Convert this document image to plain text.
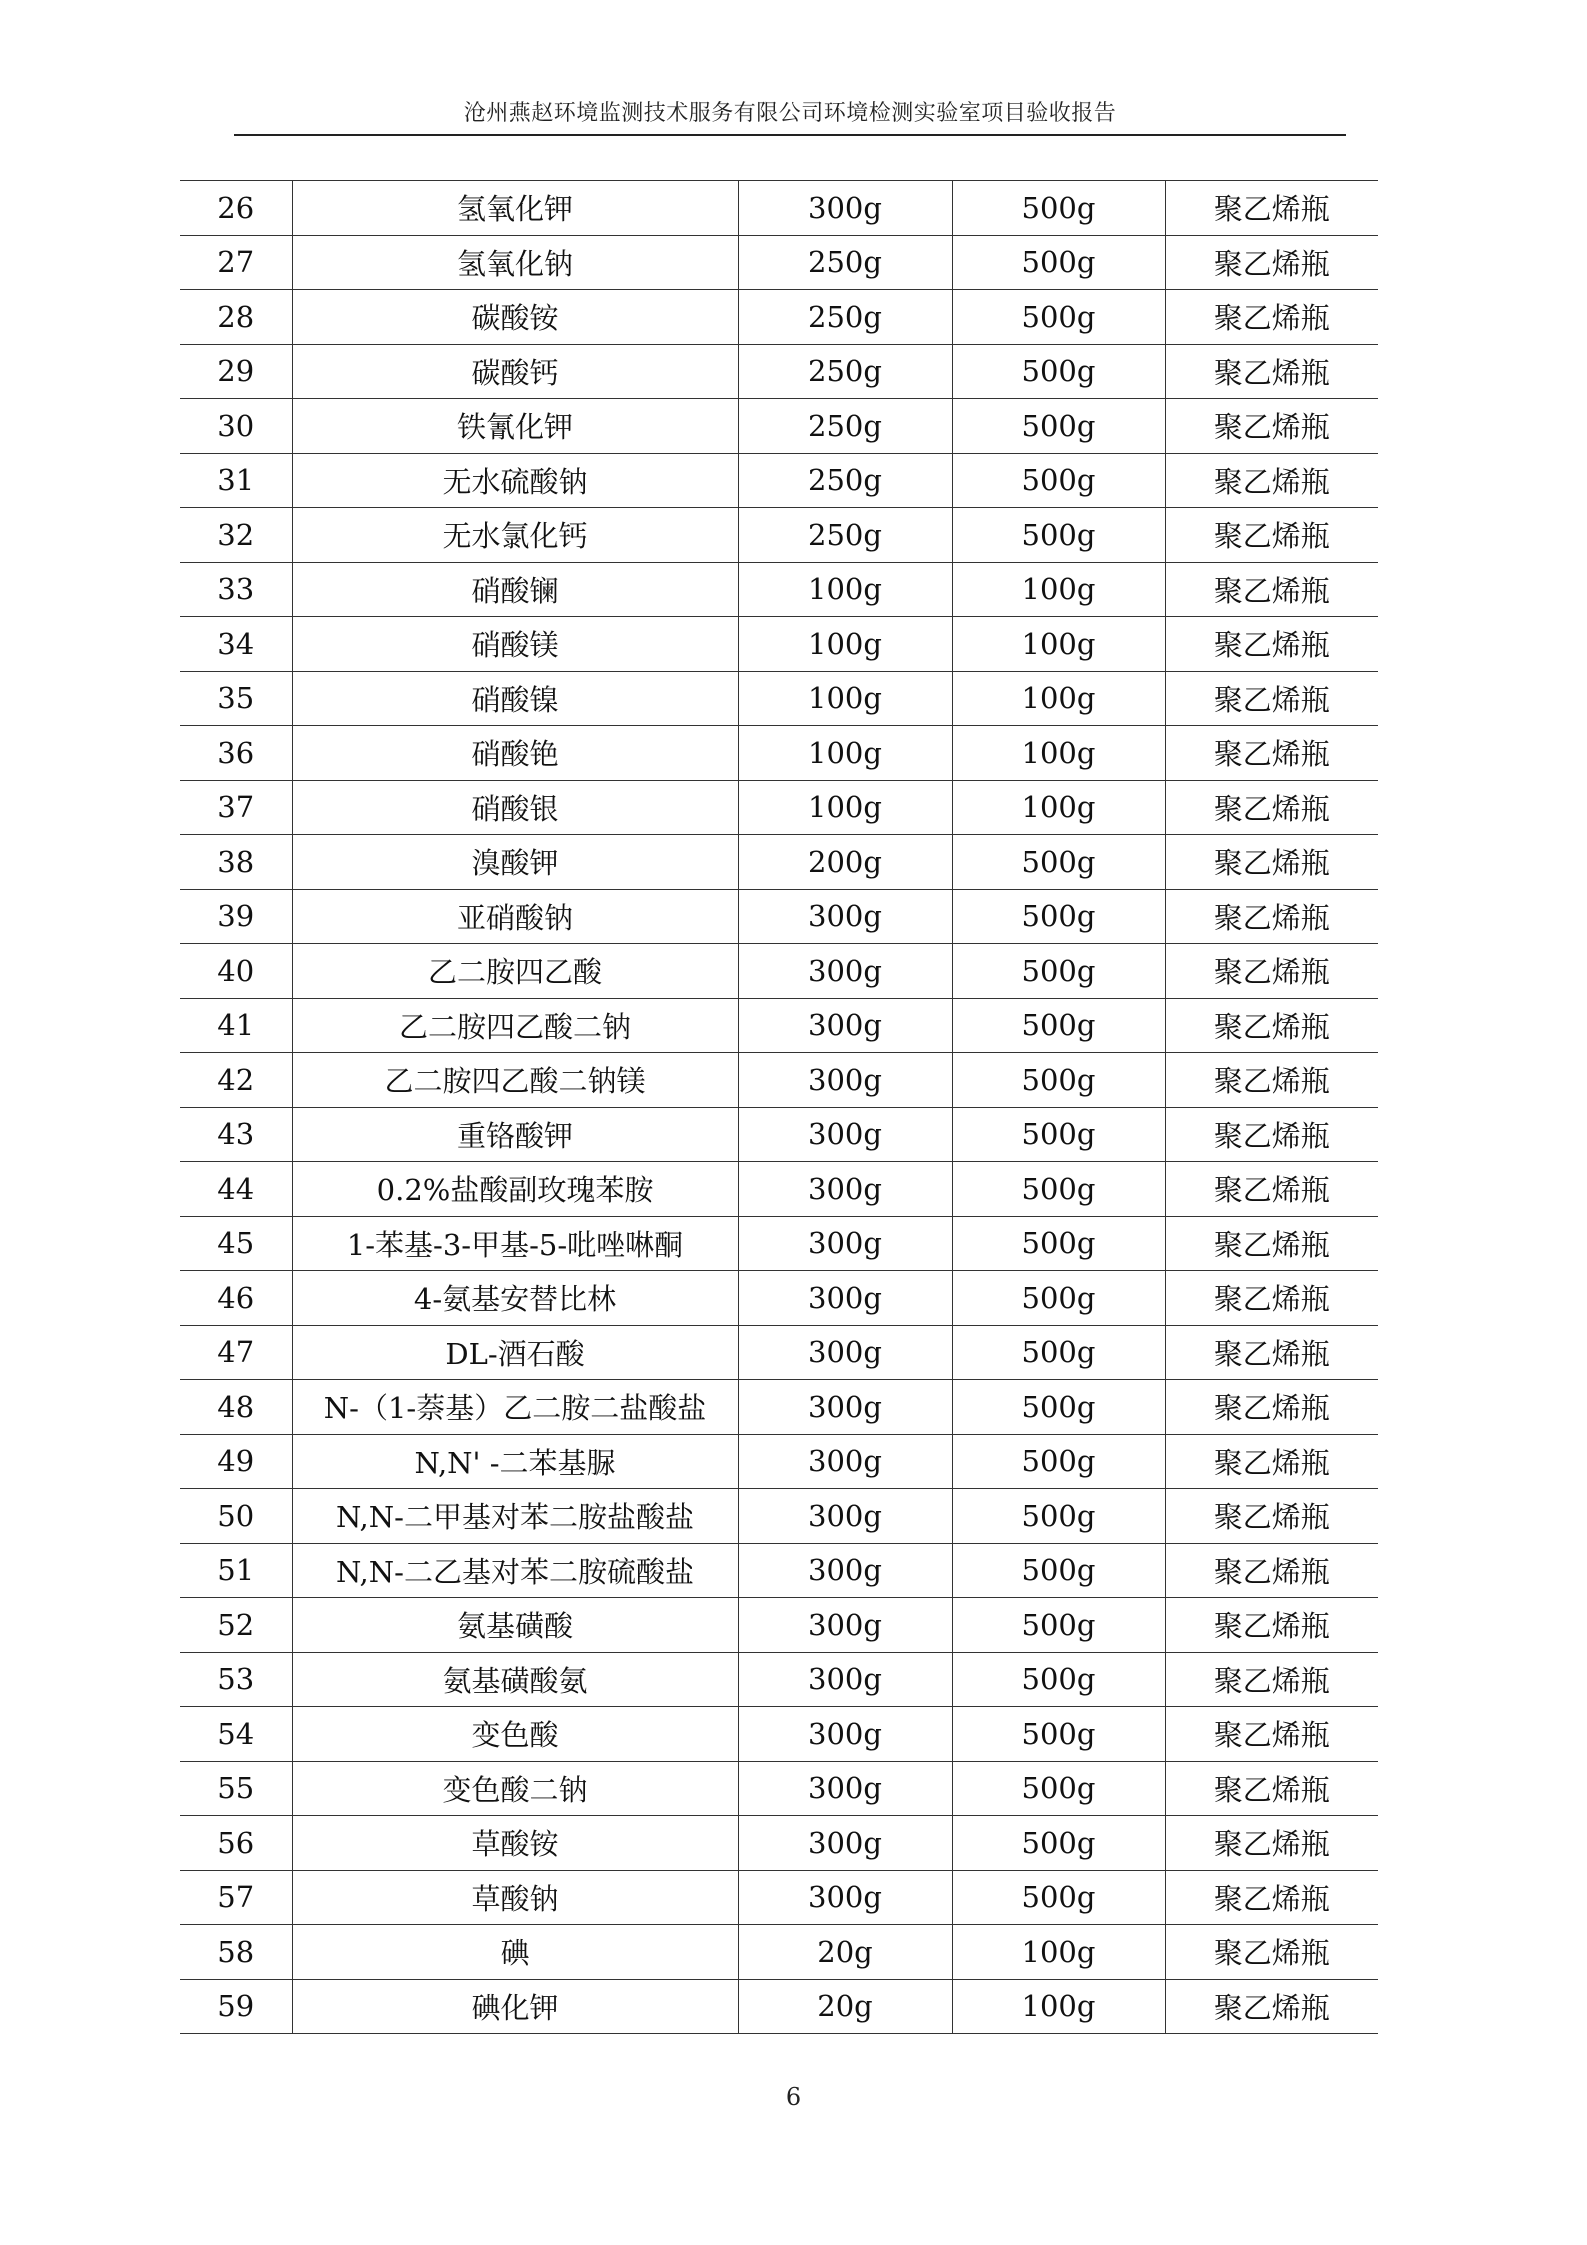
沧州燕赵环境监测技术服务有限公司环境检测实验室项目验收报告
26	氢氧化钾	300g	500g	聚乙烯瓶
27	氢氧化钠	250g	500g	聚乙烯瓶
28	碳酸铵	250g	500g	聚乙烯瓶
29	碳酸钙	250g	500g	聚乙烯瓶
30	铁氰化钾	250g	500g	聚乙烯瓶
31	无水硫酸钠	250g	500g	聚乙烯瓶
32	无水氯化钙	250g	500g	聚乙烯瓶
33	硝酸镧	100g	100g	聚乙烯瓶
34	硝酸镁	100g	100g	聚乙烯瓶
35	硝酸镍	100g	100g	聚乙烯瓶
36	硝酸铯	100g	100g	聚乙烯瓶
37	硝酸银	100g	100g	聚乙烯瓶
38	溴酸钾	200g	500g	聚乙烯瓶
39	亚硝酸钠	300g	500g	聚乙烯瓶
40	乙二胺四乙酸	300g	500g	聚乙烯瓶
41	乙二胺四乙酸二钠	300g	500g	聚乙烯瓶
42	乙二胺四乙酸二钠镁	300g	500g	聚乙烯瓶
43	重铬酸钾	300g	500g	聚乙烯瓶
44	0.2%盐酸副玫瑰苯胺	300g	500g	聚乙烯瓶
45	1-苯基-3-甲基-5-吡唑啉酮	300g	500g	聚乙烯瓶
46	4-氨基安替比林	300g	500g	聚乙烯瓶
47	DL-酒石酸	300g	500g	聚乙烯瓶
48	N-（1-萘基）乙二胺二盐酸盐	300g	500g	聚乙烯瓶
49	N,N' -二苯基脲	300g	500g	聚乙烯瓶
50	N,N-二甲基对苯二胺盐酸盐	300g	500g	聚乙烯瓶
51	N,N-二乙基对苯二胺硫酸盐	300g	500g	聚乙烯瓶
52	氨基磺酸	300g	500g	聚乙烯瓶
53	氨基磺酸氨	300g	500g	聚乙烯瓶
54	变色酸	300g	500g	聚乙烯瓶
55	变色酸二钠	300g	500g	聚乙烯瓶
56	草酸铵	300g	500g	聚乙烯瓶
57	草酸钠	300g	500g	聚乙烯瓶
58	碘	20g	100g	聚乙烯瓶
59	碘化钾	20g	100g	聚乙烯瓶
6
